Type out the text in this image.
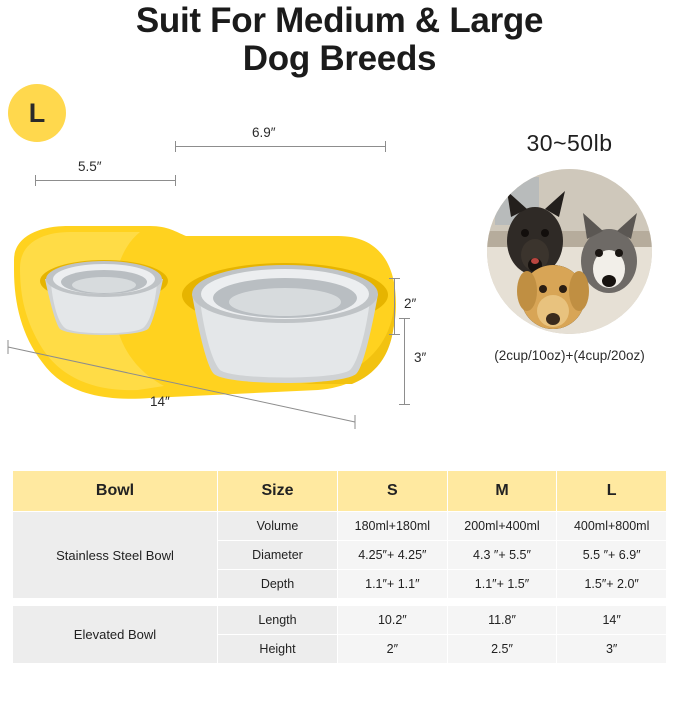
Suit For Medium & Large
Dog Breeds
L
6.9″
5.5″
2″
3″
14″
30~50lb
(2cup/10oz)+(4cup/20oz)
Bowl	Size	S	M	L
Stainless Steel Bowl	Volume	180ml+180ml	200ml+400ml	400ml+800ml
	Diameter	4.25″+ 4.25″	4.3 ″+ 5.5″	5.5 ″+ 6.9″
	Depth	1.1″+ 1.1″	1.1″+ 1.5″	1.5″+ 2.0″

Elevated Bowl	Length	10.2″	11.8″	14″
	Height	2″	2.5″	3″
